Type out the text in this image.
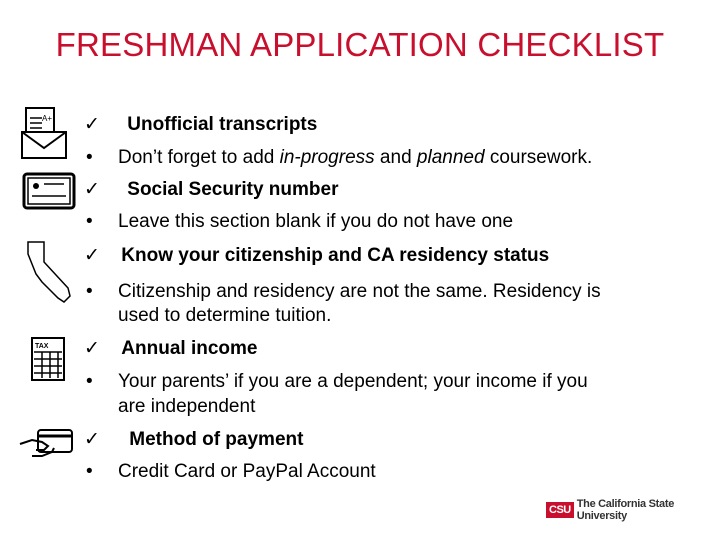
FRESHMAN APPLICATION CHECKLIST
A+
TAX
✓ Unofficial transcripts
• Don’t forget to add in-progress and planned coursework.
✓ Social Security number
• Leave this section blank if you do not have one
✓ Know your citizenship and CA residency status
• Citizenship and residency are not the same. Residency is
used to determine tuition.
✓ Annual income
• Your parents’ if you are a dependent; your income if you
are independent
✓ Method of payment
• Credit Card or PayPal Account
CSU The California State University
